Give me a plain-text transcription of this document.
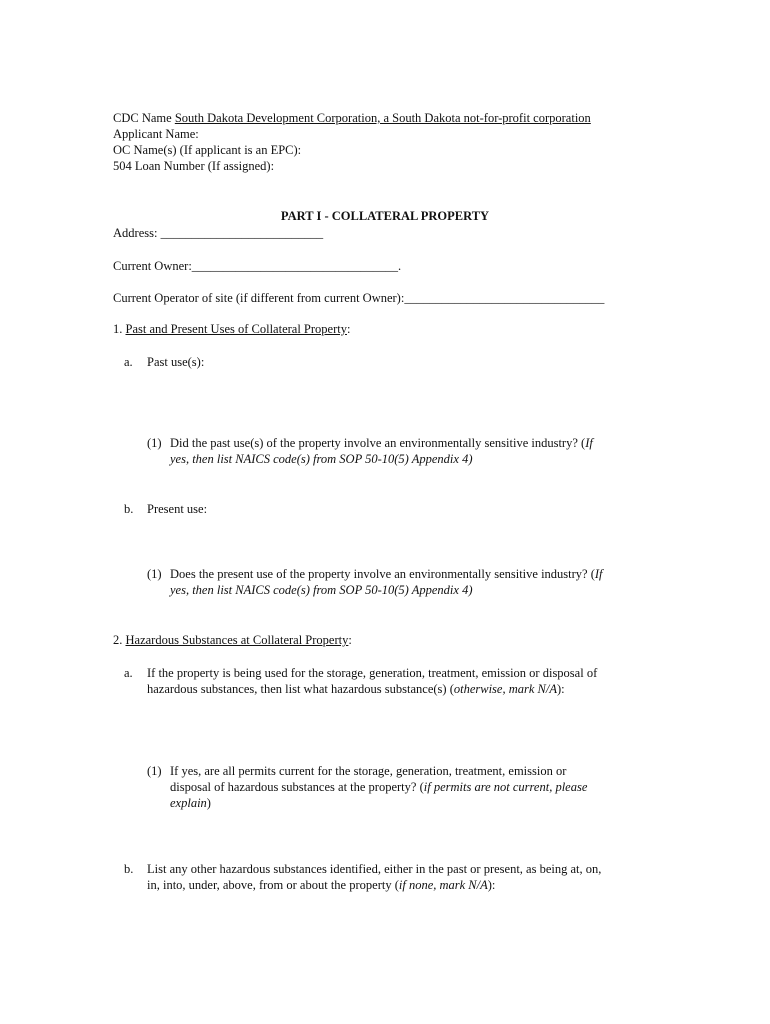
CDC Name South Dakota Development Corporation, a South Dakota not-for-profit corporation
Applicant Name:
OC Name(s) (If applicant is an EPC):
504 Loan Number (If assigned):
PART I - COLLATERAL PROPERTY
Address: __________________________
Current Owner:_________________________________.
Current Operator of site (if different from current Owner):________________________________
1. Past and Present Uses of Collateral Property:
a. Past use(s):
(1) Did the past use(s) of the property involve an environmentally sensitive industry? (If
yes, then list NAICS code(s) from SOP 50-10(5) Appendix 4)
b. Present use:
(1) Does the present use of the property involve an environmentally sensitive industry? (If
yes, then list NAICS code(s) from SOP 50-10(5) Appendix 4)
2. Hazardous Substances at Collateral Property:
a. If the property is being used for the storage, generation, treatment, emission or disposal of
hazardous substances, then list what hazardous substance(s) (otherwise, mark N/A):
(1) If yes, are all permits current for the storage, generation, treatment, emission or
disposal of hazardous substances at the property? (if permits are not current, please
explain)
b. List any other hazardous substances identified, either in the past or present, as being at, on,
in, into, under, above, from or about the property (if none, mark N/A):
